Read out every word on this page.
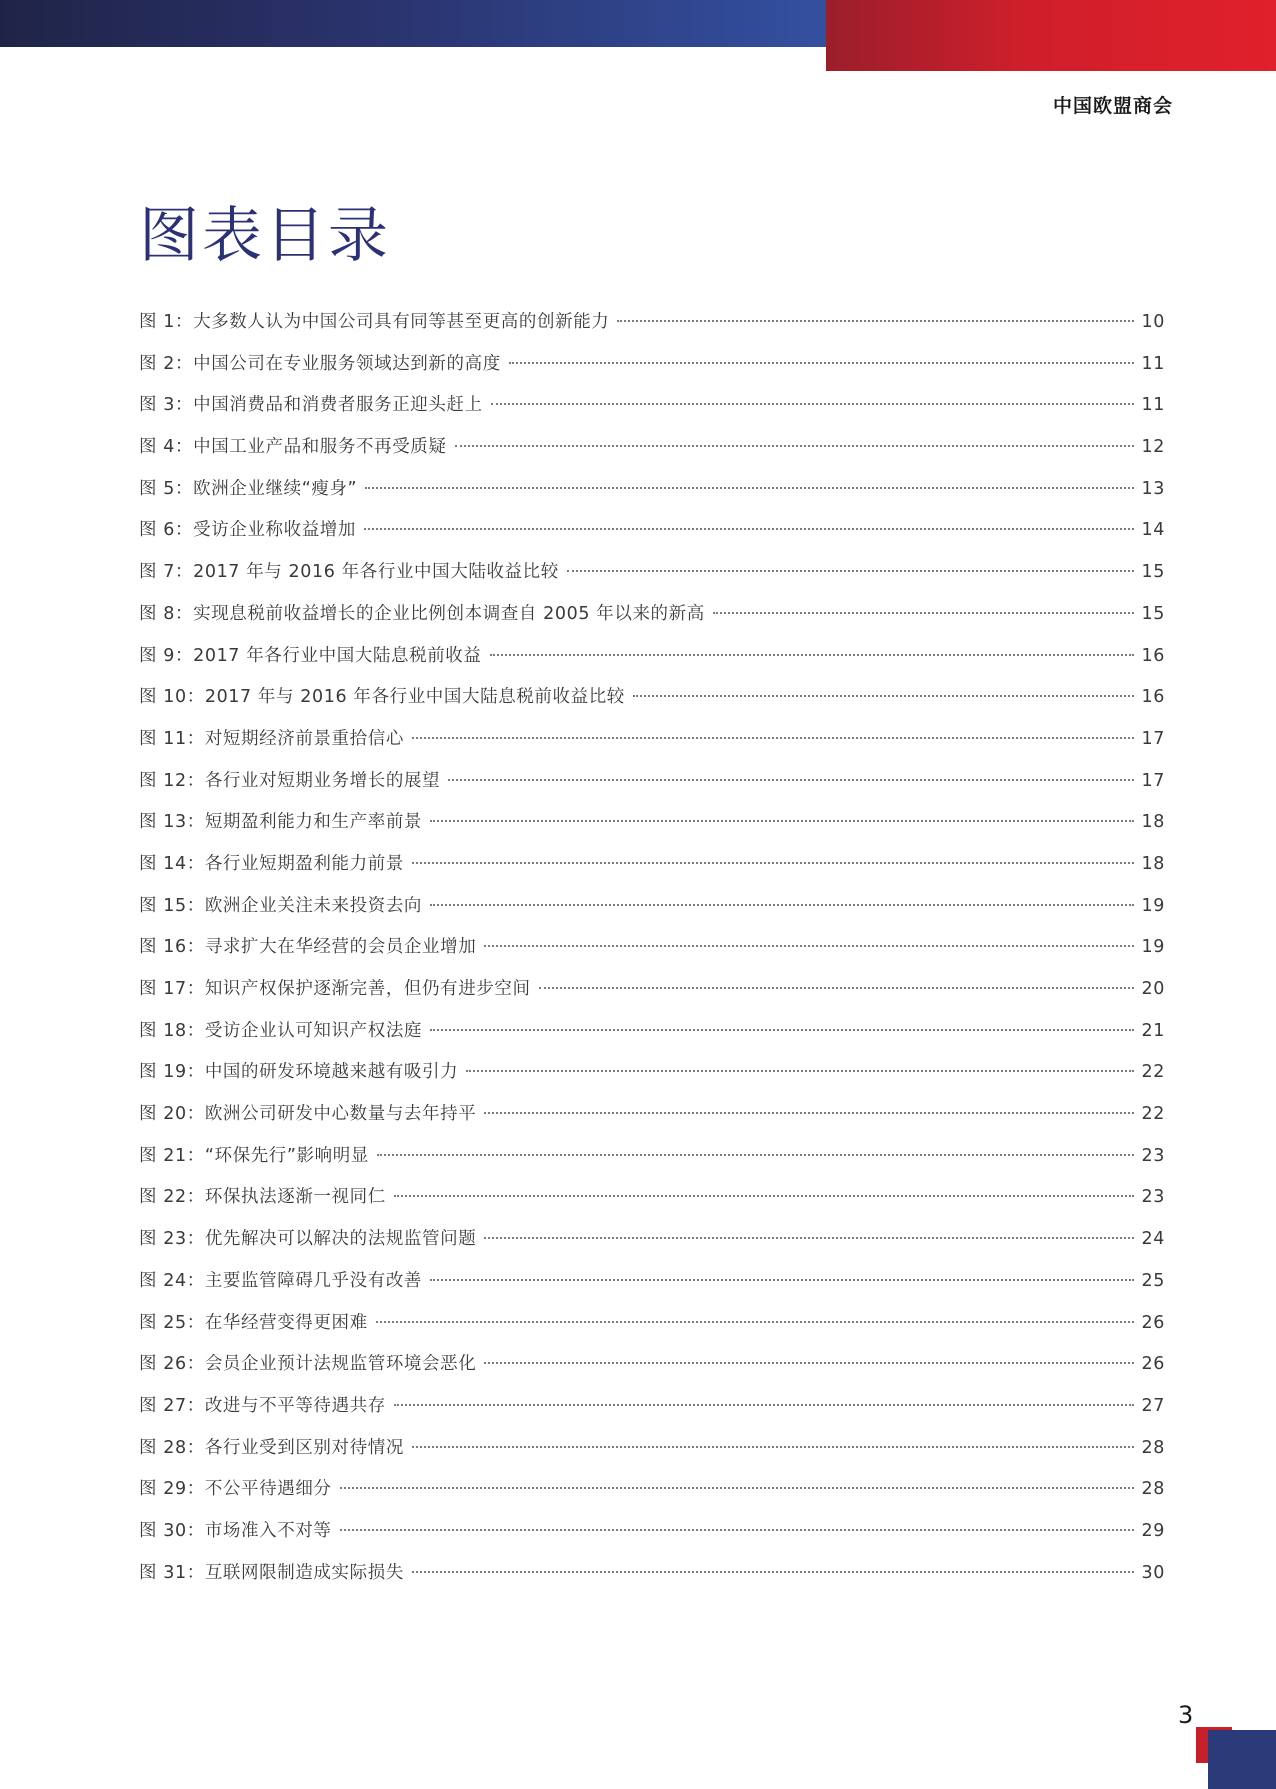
中国欧盟商会
图表目录
图 1：大多数人认为中国公司具有同等甚至更高的创新能力	10
图 2：中国公司在专业服务领域达到新的高度	11
图 3：中国消费品和消费者服务正迎头赶上	11
图 4：中国工业产品和服务不再受质疑	12
图 5：欧洲企业继续“瘦身”	13
图 6：受访企业称收益增加	14
图 7：2017 年与 2016 年各行业中国大陆收益比较	15
图 8：实现息税前收益增长的企业比例创本调查自 2005 年以来的新高	15
图 9：2017 年各行业中国大陆息税前收益	16
图 10：2017 年与 2016 年各行业中国大陆息税前收益比较	16
图 11：对短期经济前景重拾信心	17
图 12：各行业对短期业务增长的展望	17
图 13：短期盈利能力和生产率前景	18
图 14：各行业短期盈利能力前景	18
图 15：欧洲企业关注未来投资去向	19
图 16：寻求扩大在华经营的会员企业增加	19
图 17：知识产权保护逐渐完善，但仍有进步空间	20
图 18：受访企业认可知识产权法庭	21
图 19：中国的研发环境越来越有吸引力	22
图 20：欧洲公司研发中心数量与去年持平	22
图 21：“环保先行”影响明显	23
图 22：环保执法逐渐一视同仁	23
图 23：优先解决可以解决的法规监管问题	24
图 24：主要监管障碍几乎没有改善	25
图 25：在华经营变得更困难	26
图 26：会员企业预计法规监管环境会恶化	26
图 27：改进与不平等待遇共存	27
图 28：各行业受到区别对待情况	28
图 29：不公平待遇细分	28
图 30：市场准入不对等	29
图 31：互联网限制造成实际损失	30
3
